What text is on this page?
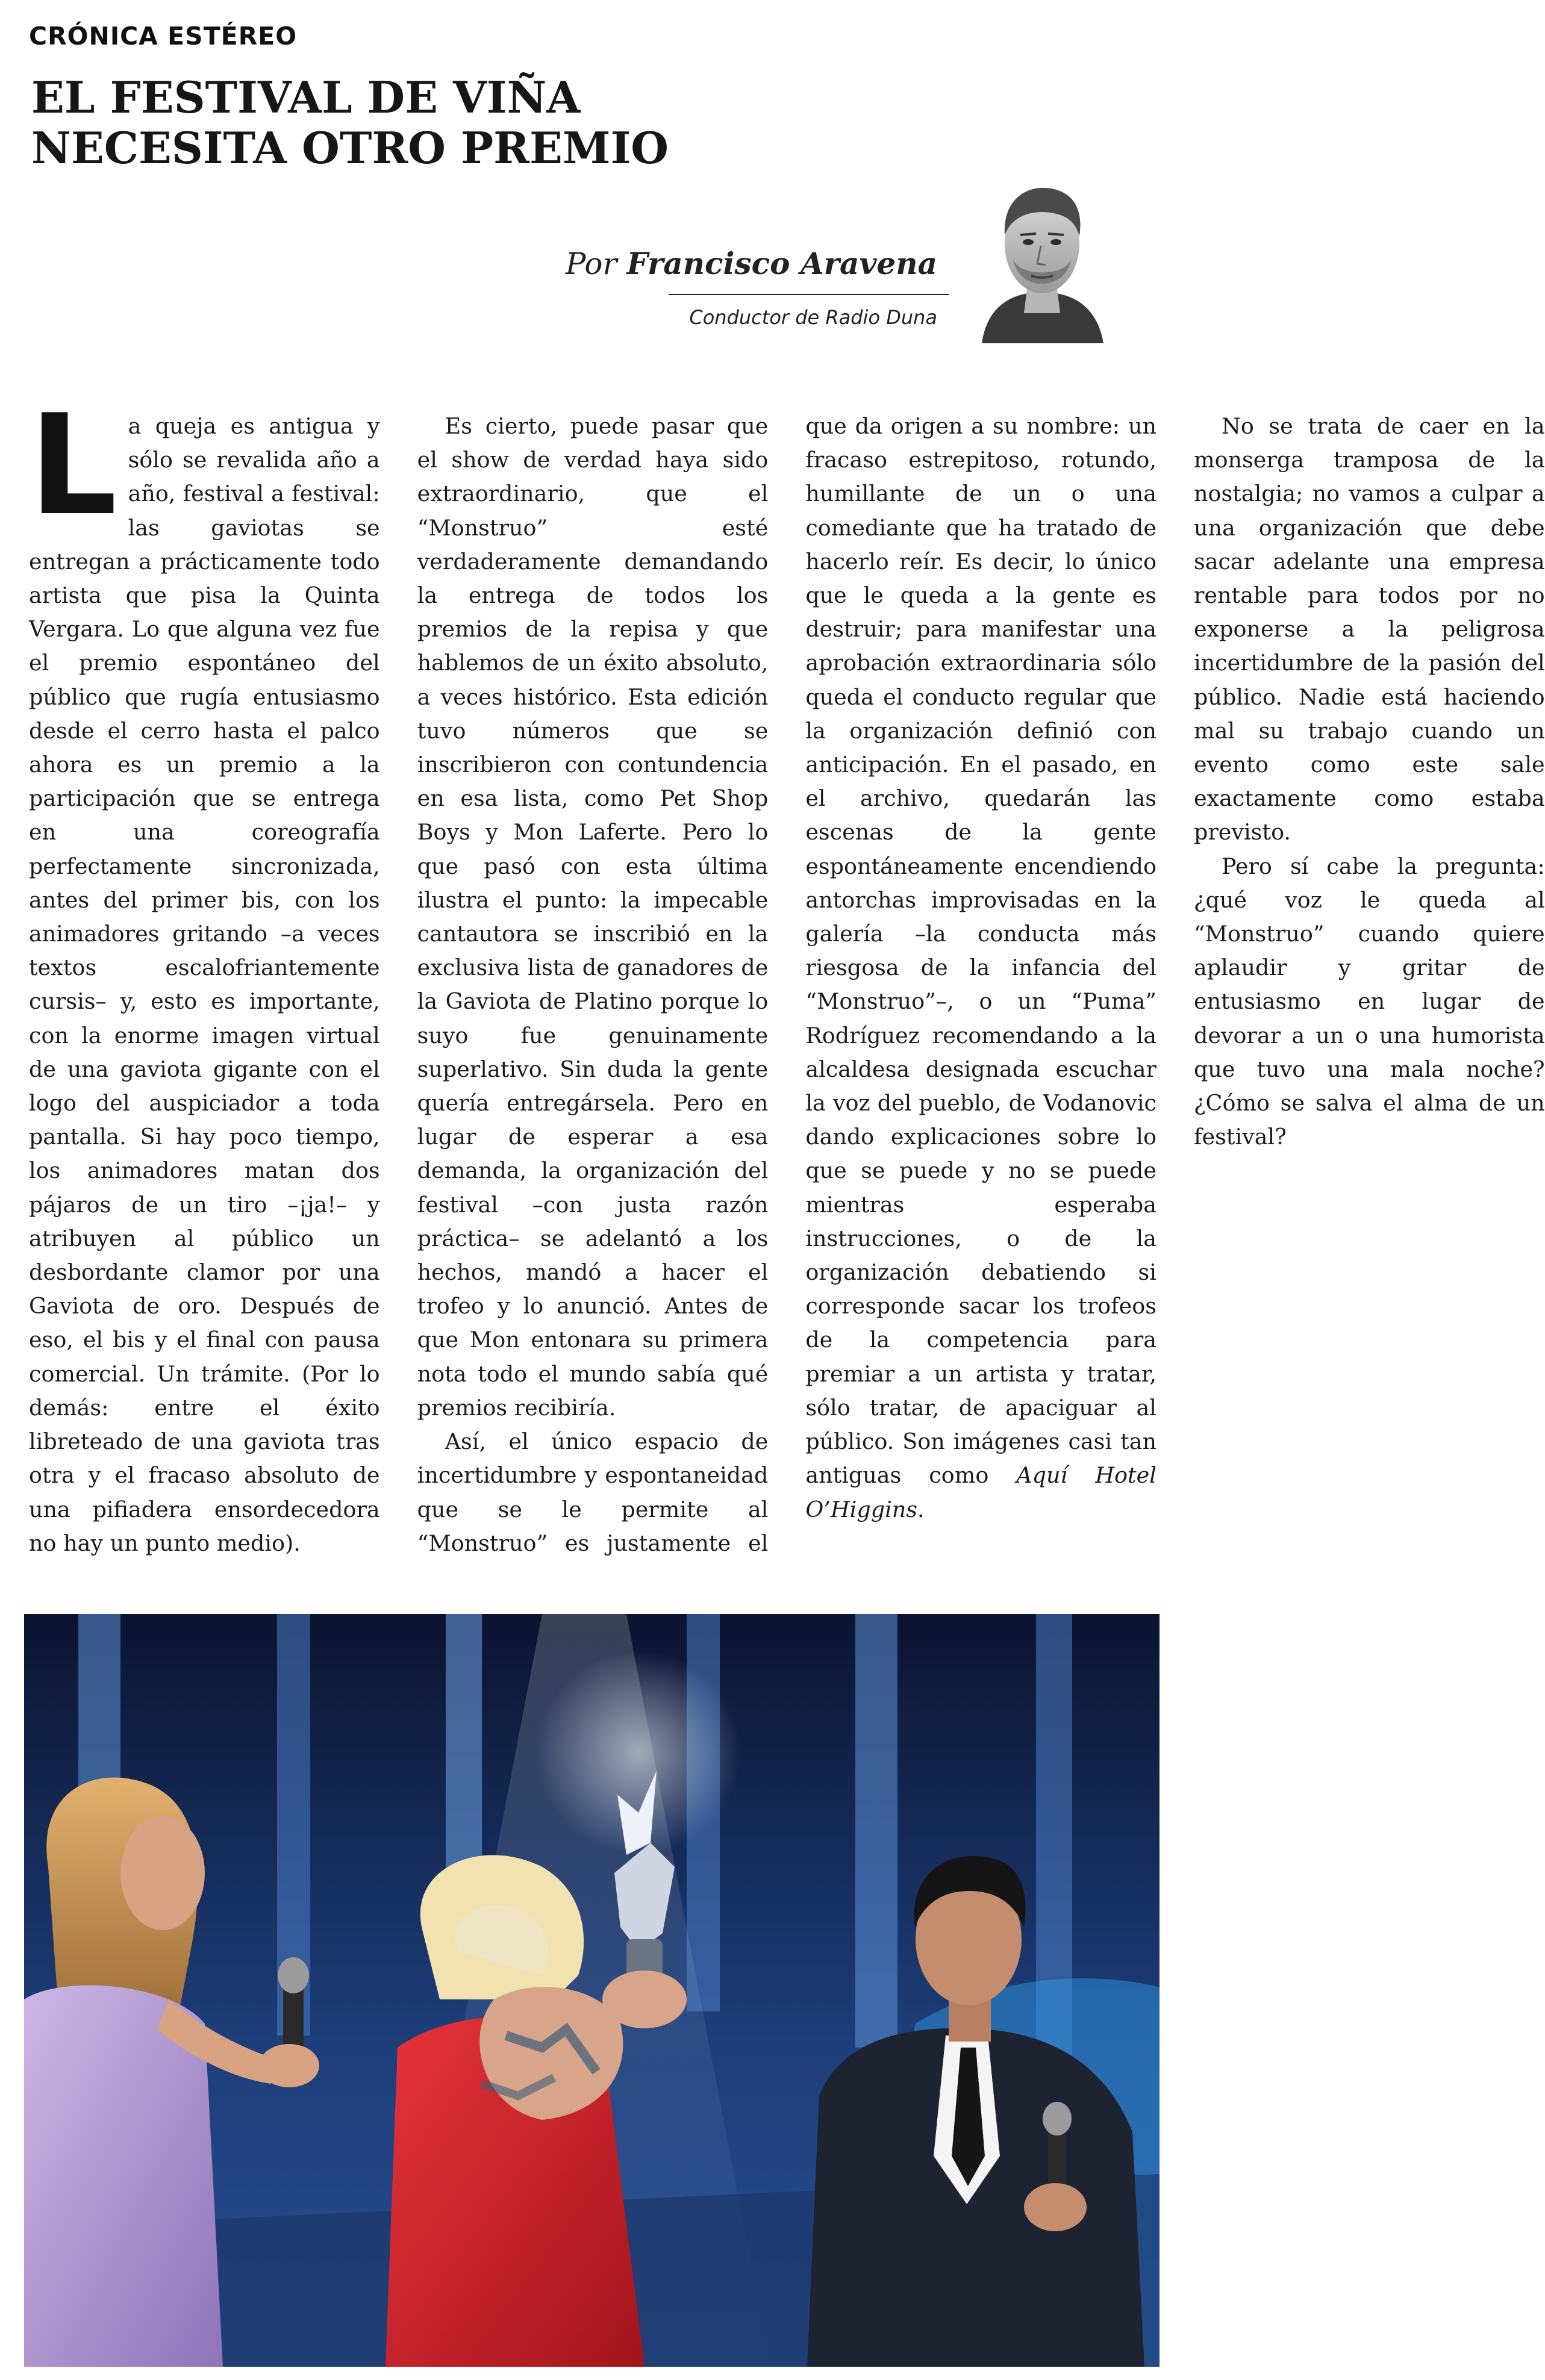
CRÓNICA ESTÉREO
EL FESTIVAL DE VIÑA
NECESITA OTRO PREMIO
Por Francisco Aravena
Conductor de Radio Duna

La queja es antigua y sólo se revalida año a año, festival a festival: las gaviotas se entregan a prácticamente todo artista que pisa la Quinta Vergara. Lo que alguna vez fue el premio espontáneo del público que rugía entusiasmo desde el cerro hasta el palco ahora es un premio a la participación que se entrega en una coreografía perfectamente sincronizada, antes del primer bis, con los animadores gritando –a veces textos escalofriantemente cursis– y, esto es importante, con la enorme imagen virtual de una gaviota gigante con el logo del auspiciador a toda pantalla. Si hay poco tiempo, los animadores matan dos pájaros de un tiro –¡ja!– y atribuyen al público un desbordante clamor por una Gaviota de oro. Después de eso, el bis y el final con pausa comercial. Un trámite. (Por lo demás: entre el éxito libreteado de una gaviota tras otra y el fracaso absoluto de una pifiadera ensordecedora no hay un punto medio).

Es cierto, puede pasar que el show de verdad haya sido extraordinario, que el “Monstruo” esté verdaderamente demandando la entrega de todos los premios de la repisa y que hablemos de un éxito absoluto, a veces histórico. Esta edición tuvo números que se inscribieron con contundencia en esa lista, como Pet Shop Boys y Mon Laferte. Pero lo que pasó con esta última ilustra el punto: la impecable cantautora se inscribió en la exclusiva lista de ganadores de la Gaviota de Platino porque lo suyo fue genuinamente superlativo. Sin duda la gente quería entregársela. Pero en lugar de esperar a esa demanda, la organización del festival –con justa razón práctica– se adelantó a los hechos, mandó a hacer el trofeo y lo anunció. Antes de que Mon entonara su primera nota todo el mundo sabía qué premios recibiría.

Así, el único espacio de incertidumbre y espontaneidad que se le permite al “Monstruo” es justamente el que da origen a su nombre: un fracaso estrepitoso, rotundo, humillante de un o una comediante que ha tratado de hacerlo reír. Es decir, lo único que le queda a la gente es destruir; para manifestar una aprobación extraordinaria sólo queda el conducto regular que la organización definió con anticipación. En el pasado, en el archivo, quedarán las escenas de la gente espontáneamente encendiendo antorchas improvisadas en la galería –la conducta más riesgosa de la infancia del “Monstruo”–, o un “Puma” Rodríguez recomendando a la alcaldesa designada escuchar la voz del pueblo, de Vodanovic dando explicaciones sobre lo que se puede y no se puede mientras esperaba instrucciones, o de la organización debatiendo si corresponde sacar los trofeos de la competencia para premiar a un artista y tratar, sólo tratar, de apaciguar al público. Son imágenes casi tan antiguas como Aquí Hotel O’Higgins.

No se trata de caer en la monserga tramposa de la nostalgia; no vamos a culpar a una organización que debe sacar adelante una empresa rentable para todos por no exponerse a la peligrosa incertidumbre de la pasión del público. Nadie está haciendo mal su trabajo cuando un evento como este sale exactamente como estaba previsto.

Pero sí cabe la pregunta: ¿qué voz le queda al “Monstruo” cuando quiere aplaudir y gritar de entusiasmo en lugar de devorar a un o una humorista que tuvo una mala noche? ¿Cómo se salva el alma de un festival?
